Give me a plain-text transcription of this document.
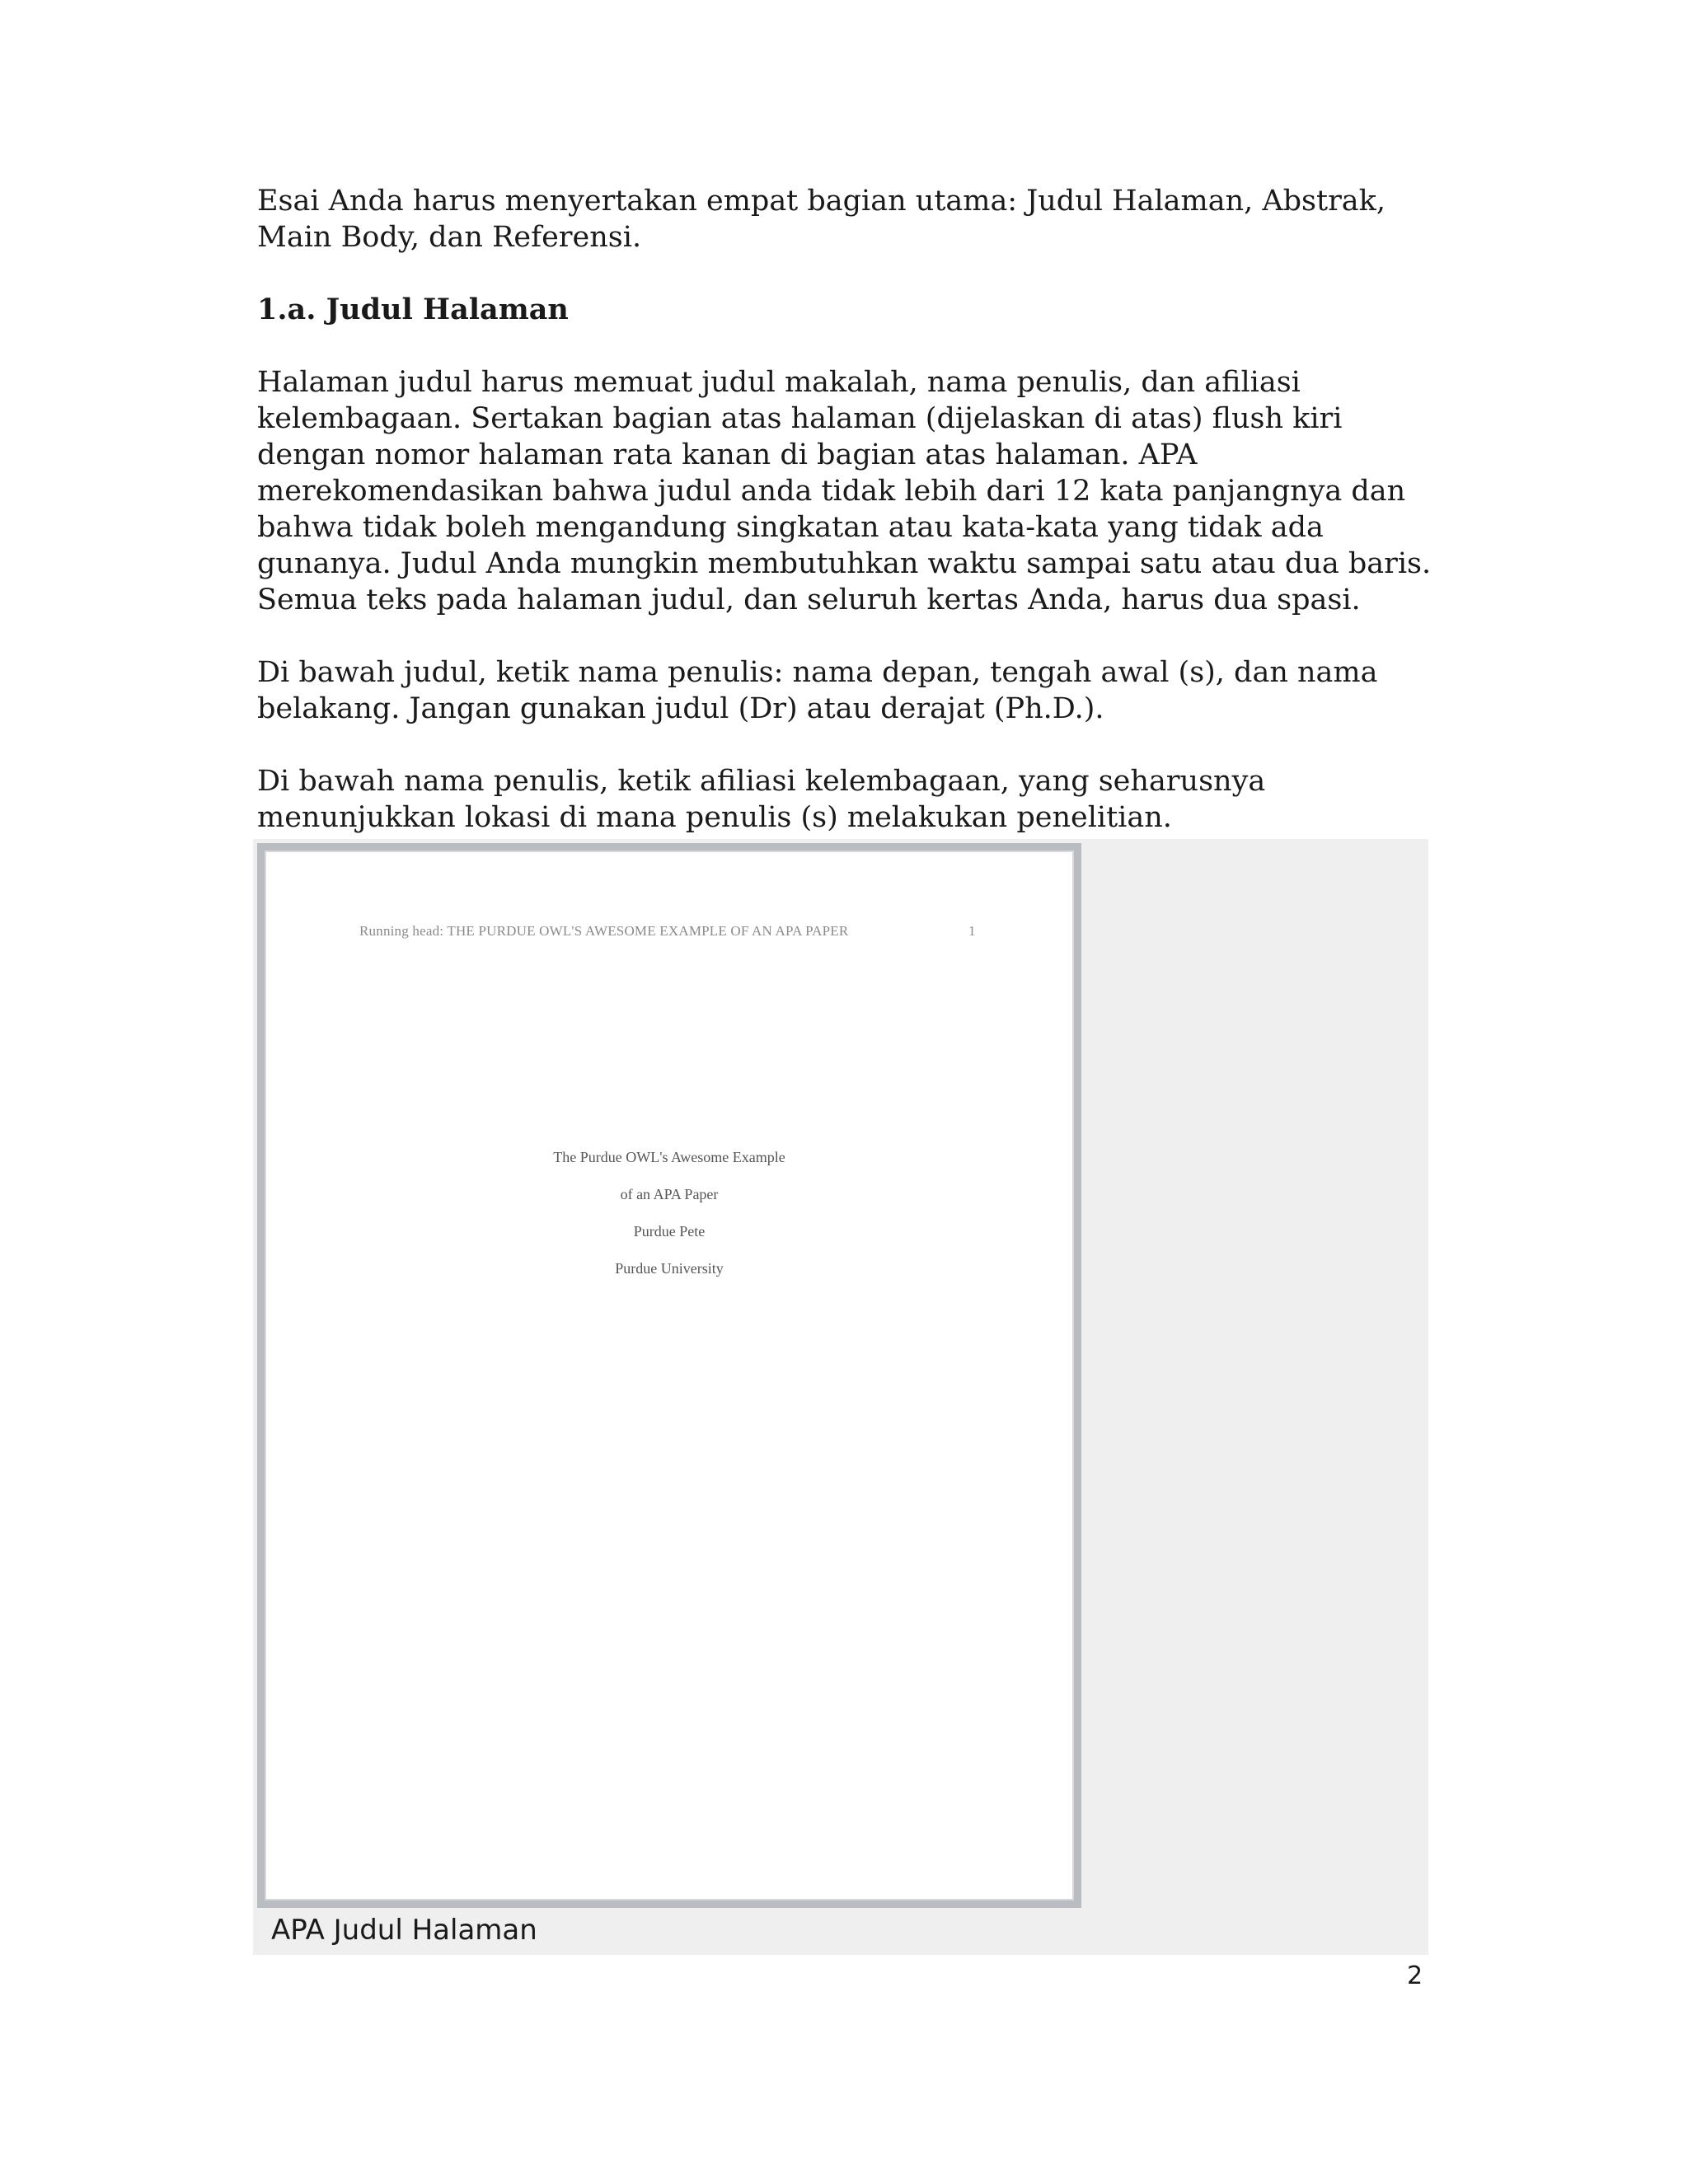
Esai Anda harus menyertakan empat bagian utama: Judul Halaman, Abstrak, Main Body, dan Referensi.

1.a. Judul Halaman

Halaman judul harus memuat judul makalah, nama penulis, dan afiliasi kelembagaan. Sertakan bagian atas halaman (dijelaskan di atas) flush kiri dengan nomor halaman rata kanan di bagian atas halaman. APA merekomendasikan bahwa judul anda tidak lebih dari 12 kata panjangnya dan bahwa tidak boleh mengandung singkatan atau kata-kata yang tidak ada gunanya. Judul Anda mungkin membutuhkan waktu sampai satu atau dua baris. Semua teks pada halaman judul, dan seluruh kertas Anda, harus dua spasi.

Di bawah judul, ketik nama penulis: nama depan, tengah awal (s), dan nama belakang. Jangan gunakan judul (Dr) atau derajat (Ph.D.).

Di bawah nama penulis, ketik afiliasi kelembagaan, yang seharusnya menunjukkan lokasi di mana penulis (s) melakukan penelitian.

Running head: THE PURDUE OWL'S AWESOME EXAMPLE OF AN APA PAPER	1
The Purdue OWL's Awesome Example
of an APA Paper
Purdue Pete
Purdue University
APA Judul Halaman
2
